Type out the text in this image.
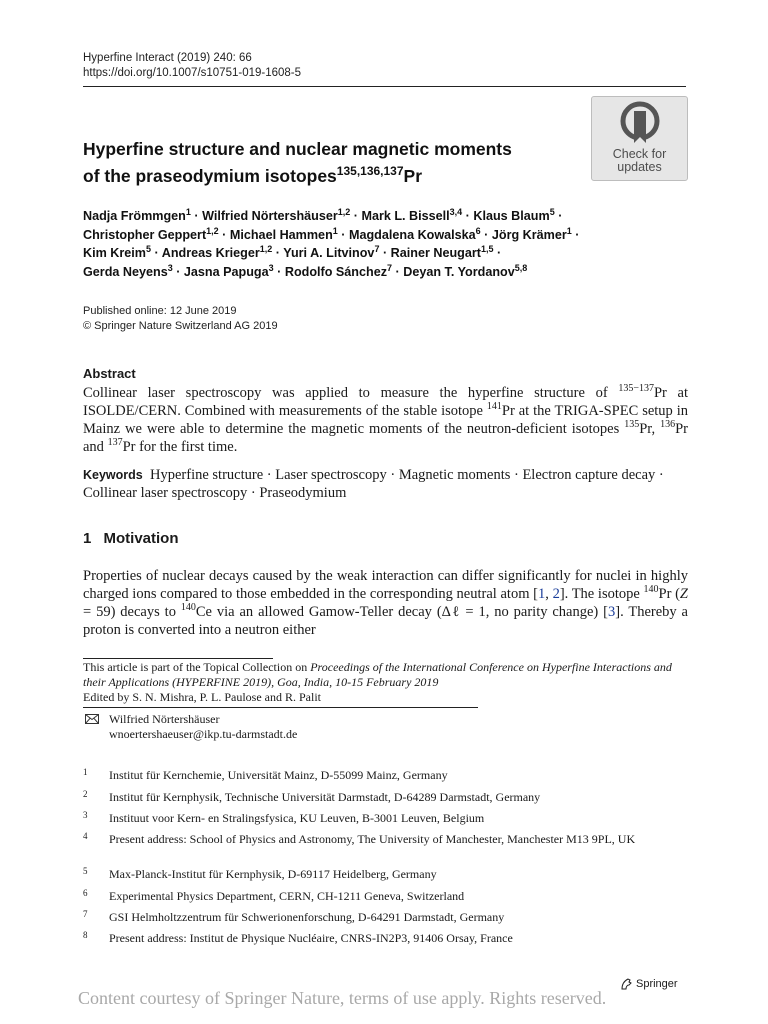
Hyperfine Interact (2019) 240: 66
https://doi.org/10.1007/s10751-019-1608-5
Check for
updates
Hyperfine structure and nuclear magnetic moments
of the praseodymium isotopes$^{135,136,137}$Pr
Nadja Frömmgen$^1$ · Wilfried Nörtershäuser$^{1,2}$ · Mark L. Bissell$^{3,4}$ · Klaus Blaum$^5$ ·
Christopher Geppert$^{1,2}$ · Michael Hammen$^1$ · Magdalena Kowalska$^6$ · Jörg Krämer$^1$ ·
Kim Kreim$^5$ · Andreas Krieger$^{1,2}$ · Yuri A. Litvinov$^7$ · Rainer Neugart$^{1,5}$ ·
Gerda Neyens$^3$ · Jasna Papuga$^3$ · Rodolfo Sánchez$^7$ · Deyan T. Yordanov$^{5,8}$
Published online: 12 June 2019
© Springer Nature Switzerland AG 2019
Abstract
Collinear laser spectroscopy was applied to measure the hyperfine structure of $^{135-137}$Pr at ISOLDE/CERN. Combined with measurements of the stable isotope $^{141}$Pr at the TRIGA-SPEC setup in Mainz we were able to determine the magnetic moments of the neutron-deficient isotopes $^{135}$Pr, $^{136}$Pr and $^{137}$Pr for the first time.
Keywords Hyperfine structure · Laser spectroscopy · Magnetic moments · Electron capture decay · Collinear laser spectroscopy · Praseodymium
1 Motivation
Properties of nuclear decays caused by the weak interaction can differ significantly for nuclei in highly charged ions compared to those embedded in the corresponding neutral atom [1, 2]. The isotope $^{140}$Pr (Z = 59) decays to $^{140}$Ce via an allowed Gamow-Teller decay (Δℓ = 1, no parity change) [3]. Thereby a proton is converted into a neutron either
This article is part of the Topical Collection on Proceedings of the International Conference on Hyperfine Interactions and their Applications (HYPERFINE 2019), Goa, India, 10-15 February 2019
Edited by S. N. Mishra, P. L. Paulose and R. Palit
Wilfried Nörtershäuser
wnoertershaeuser@ikp.tu-darmstadt.de
1 Institut für Kernchemie, Universität Mainz, D-55099 Mainz, Germany
2 Institut für Kernphysik, Technische Universität Darmstadt, D-64289 Darmstadt, Germany
3 Instituut voor Kern- en Stralingsfysica, KU Leuven, B-3001 Leuven, Belgium
4 Present address: School of Physics and Astronomy, The University of Manchester, Manchester M13 9PL, UK
5 Max-Planck-Institut für Kernphysik, D-69117 Heidelberg, Germany
6 Experimental Physics Department, CERN, CH-1211 Geneva, Switzerland
7 GSI Helmholtzzentrum für Schwerionenforschung, D-64291 Darmstadt, Germany
8 Present address: Institut de Physique Nucléaire, CNRS-IN2P3, 91406 Orsay, France
Springer
Content courtesy of Springer Nature, terms of use apply. Rights reserved.
